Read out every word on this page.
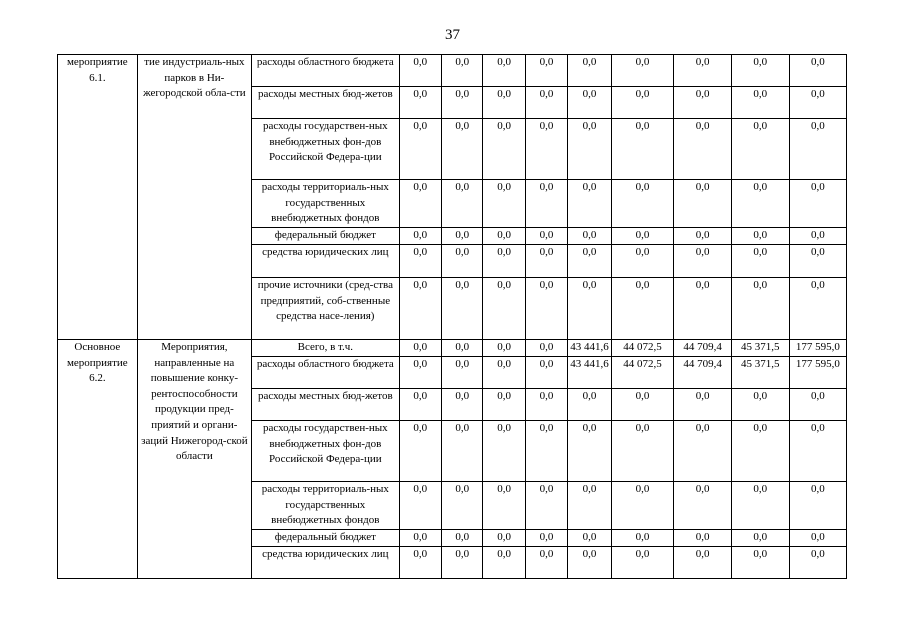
37
мероприятие 6.1.	тие индустриаль-ных парков в Ни-жегородской обла-сти	расходы областного бюджета	0,0	0,0	0,0	0,0	0,0	0,0	0,0	0,0	0,0
		расходы местных бюд-жетов	0,0	0,0	0,0	0,0	0,0	0,0	0,0	0,0	0,0
		расходы государствен-ных внебюджетных фон-дов Российской Федера-ции	0,0	0,0	0,0	0,0	0,0	0,0	0,0	0,0	0,0
		расходы территориаль-ных государственных внебюджетных фондов	0,0	0,0	0,0	0,0	0,0	0,0	0,0	0,0	0,0
		федеральный бюджет	0,0	0,0	0,0	0,0	0,0	0,0	0,0	0,0	0,0
		средства юридических лиц	0,0	0,0	0,0	0,0	0,0	0,0	0,0	0,0	0,0
		прочие источники (сред-ства предприятий, соб-ственные средства насе-ления)	0,0	0,0	0,0	0,0	0,0	0,0	0,0	0,0	0,0
Основное мероприятие 6.2.	Мероприятия, направленные на повышение конку-рентоспособности продукции пред-приятий и органи-заций Нижегород-ской области	Всего, в т.ч.	0,0	0,0	0,0	0,0	43 441,6	44 072,5	44 709,4	45 371,5	177 595,0
		расходы областного бюджета	0,0	0,0	0,0	0,0	43 441,6	44 072,5	44 709,4	45 371,5	177 595,0
		расходы местных бюд-жетов	0,0	0,0	0,0	0,0	0,0	0,0	0,0	0,0	0,0
		расходы государствен-ных внебюджетных фон-дов Российской Федера-ции	0,0	0,0	0,0	0,0	0,0	0,0	0,0	0,0	0,0
		расходы территориаль-ных государственных внебюджетных фондов	0,0	0,0	0,0	0,0	0,0	0,0	0,0	0,0	0,0
		федеральный бюджет	0,0	0,0	0,0	0,0	0,0	0,0	0,0	0,0	0,0
		средства юридических лиц	0,0	0,0	0,0	0,0	0,0	0,0	0,0	0,0	0,0
